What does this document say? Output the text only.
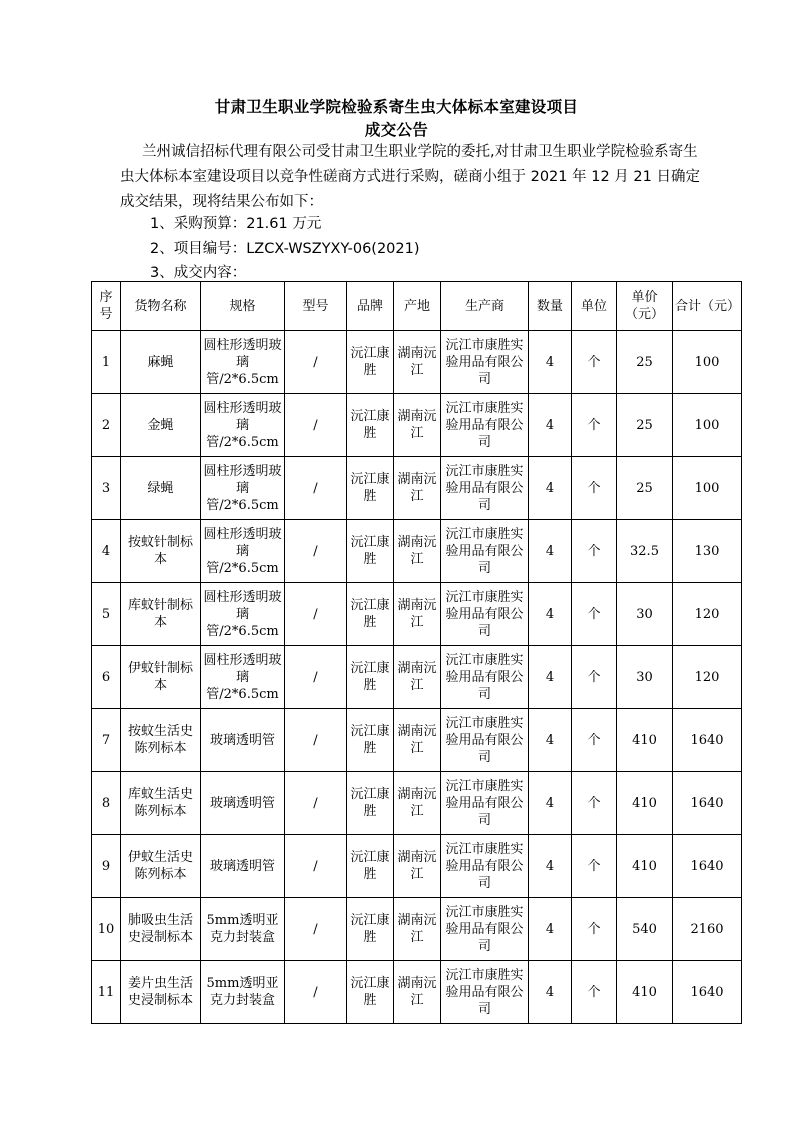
甘肃卫生职业学院检验系寄生虫大体标本室建设项目
成交公告
兰州诚信招标代理有限公司受甘肃卫生职业学院的委托,对甘肃卫生职业学院检验系寄生虫大体标本室建设项目以竞争性磋商方式进行采购，磋商小组于 2021 年 12 月 21 日确定成交结果，现将结果公布如下：
1、采购预算：21.61 万元
2、项目编号：LZCX-WSZYXY-06(2021)
3、成交内容：
序号	货物名称	规格	型号	品牌	产地	生产商	数量	单位	单价（元）	合计（元）
1	麻蝇	圆柱形透明玻璃管/2*6.5cm	/	沅江康胜	湖南沅江	沅江市康胜实验用品有限公司	4	个	25	100
2	金蝇	圆柱形透明玻璃管/2*6.5cm	/	沅江康胜	湖南沅江	沅江市康胜实验用品有限公司	4	个	25	100
3	绿蝇	圆柱形透明玻璃管/2*6.5cm	/	沅江康胜	湖南沅江	沅江市康胜实验用品有限公司	4	个	25	100
4	按蚊针制标本	圆柱形透明玻璃管/2*6.5cm	/	沅江康胜	湖南沅江	沅江市康胜实验用品有限公司	4	个	32.5	130
5	库蚊针制标本	圆柱形透明玻璃管/2*6.5cm	/	沅江康胜	湖南沅江	沅江市康胜实验用品有限公司	4	个	30	120
6	伊蚊针制标本	圆柱形透明玻璃管/2*6.5cm	/	沅江康胜	湖南沅江	沅江市康胜实验用品有限公司	4	个	30	120
7	按蚊生活史陈列标本	玻璃透明管	/	沅江康胜	湖南沅江	沅江市康胜实验用品有限公司	4	个	410	1640
8	库蚊生活史陈列标本	玻璃透明管	/	沅江康胜	湖南沅江	沅江市康胜实验用品有限公司	4	个	410	1640
9	伊蚊生活史陈列标本	玻璃透明管	/	沅江康胜	湖南沅江	沅江市康胜实验用品有限公司	4	个	410	1640
10	肺吸虫生活史浸制标本	5mm透明亚克力封装盒	/	沅江康胜	湖南沅江	沅江市康胜实验用品有限公司	4	个	540	2160
11	姜片虫生活史浸制标本	5mm透明亚克力封装盒	/	沅江康胜	湖南沅江	沅江市康胜实验用品有限公司	4	个	410	1640
